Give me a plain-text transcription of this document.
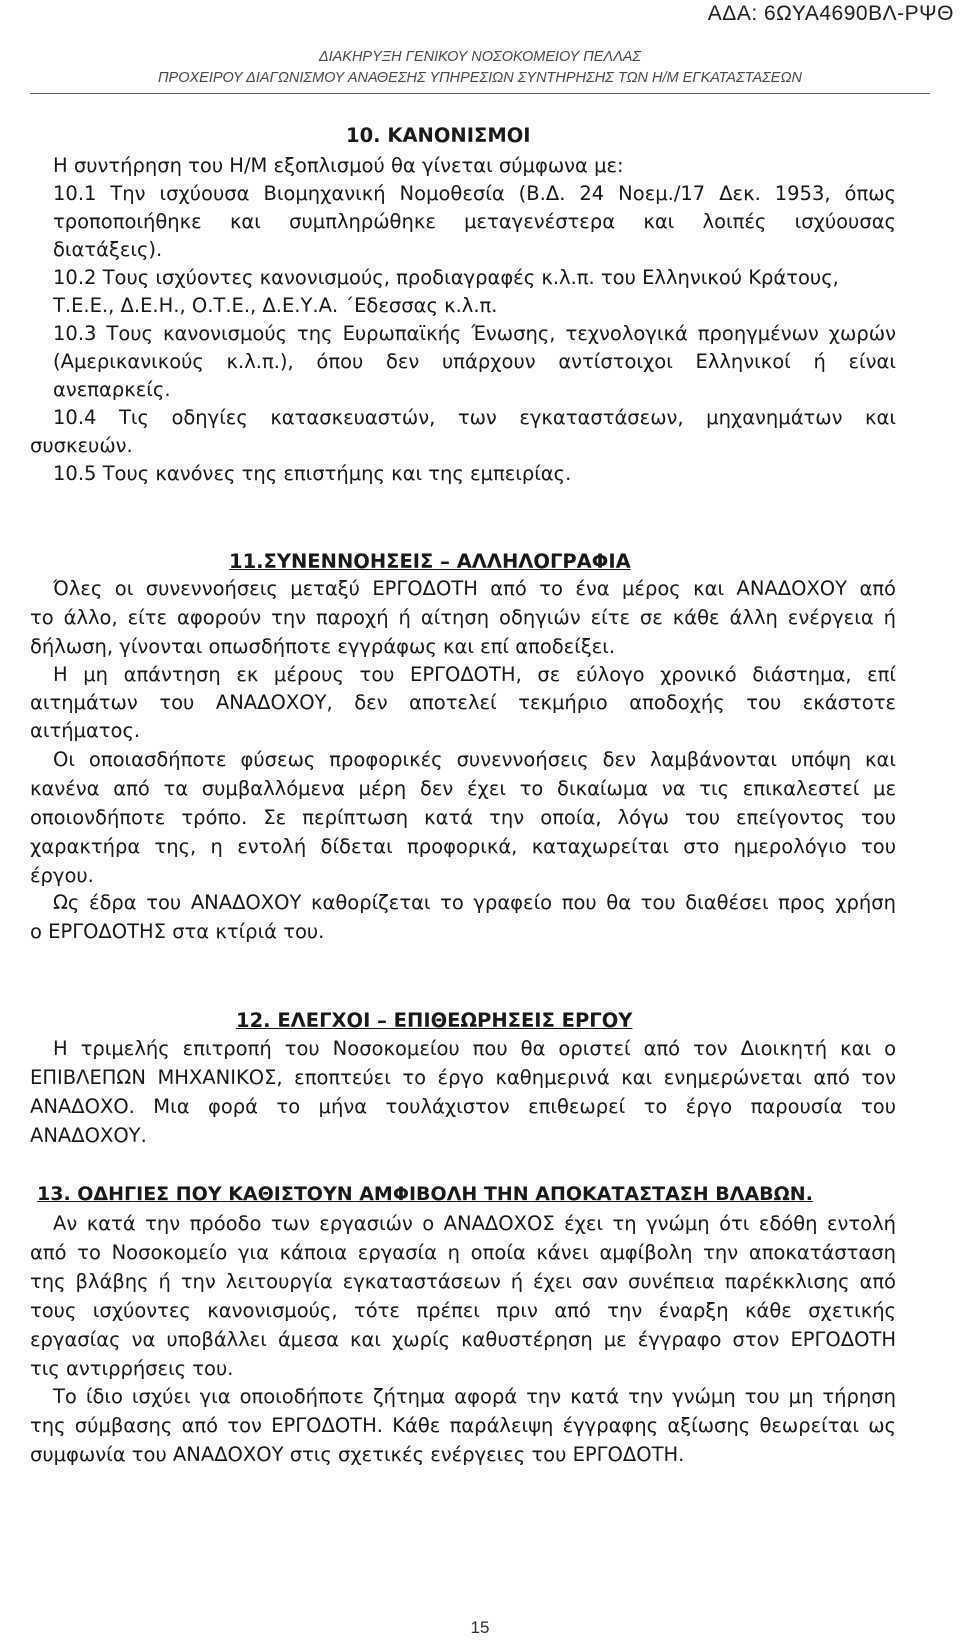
ΑΔΑ: 6ΩΥΑ4690ΒΛ-ΡΨΘ
ΔΙΑΚΗΡΥΞΗ ΓΕΝΙΚΟΥ ΝΟΣΟΚΟΜΕΙΟΥ ΠΕΛΛΑΣ
ΠΡΟΧΕΙΡΟΥ ΔΙΑΓΩΝΙΣΜΟΥ ΑΝΑΘΕΣΗΣ ΥΠΗΡΕΣΙΩΝ ΣΥΝΤΗΡΗΣΗΣ ΤΩΝ Η/Μ ΕΓΚΑΤΑΣΤΑΣΕΩΝ
10. ΚΑΝΟΝΙΣΜΟΙ
Η συντήρηση του Η/Μ εξοπλισμού θα γίνεται σύμφωνα με:
10.1 Την ισχύουσα Βιομηχανική Νομοθεσία (Β.Δ. 24 Νοεμ./17 Δεκ. 1953, όπως
τροποποιήθηκε και συμπληρώθηκε μεταγενέστερα και λοιπές ισχύουσας
διατάξεις).
10.2 Τους ισχύοντες κανονισμούς, προδιαγραφές κ.λ.π. του Ελληνικού Κράτους,
Τ.Ε.Ε., Δ.Ε.Η., Ο.Τ.Ε., Δ.Ε.Υ.Α. ΄Εδεσσας κ.λ.π.
10.3 Τους κανονισμούς της Ευρωπαϊκής Ένωσης, τεχνολογικά προηγμένων χωρών
(Αμερικανικούς κ.λ.π.), όπου δεν υπάρχουν αντίστοιχοι Ελληνικοί ή είναι
ανεπαρκείς.
10.4 Τις οδηγίες κατασκευαστών, των εγκαταστάσεων, μηχανημάτων και
συσκευών.
10.5 Τους κανόνες της επιστήμης και της εμπειρίας.
11.ΣΥΝΕΝΝΟΗΣΕΙΣ – ΑΛΛΗΛΟΓΡΑΦΙΑ
Όλες οι συνεννοήσεις μεταξύ ΕΡΓΟΔΟΤΗ από το ένα μέρος και ΑΝΑΔΟΧΟΥ από
το άλλο, είτε αφορούν την παροχή ή αίτηση οδηγιών είτε σε κάθε άλλη ενέργεια ή
δήλωση, γίνονται οπωσδήποτε εγγράφως και επί αποδείξει.
Η μη απάντηση εκ μέρους του ΕΡΓΟΔΟΤΗ, σε εύλογο χρονικό διάστημα, επί
αιτημάτων του ΑΝΑΔΟΧΟΥ, δεν αποτελεί τεκμήριο αποδοχής του εκάστοτε
αιτήματος.
Οι οποιασδήποτε φύσεως προφορικές συνεννοήσεις δεν λαμβάνονται υπόψη και
κανένα από τα συμβαλλόμενα μέρη δεν έχει το δικαίωμα να τις επικαλεστεί με
οποιονδήποτε τρόπο. Σε περίπτωση κατά την οποία, λόγω του επείγοντος του
χαρακτήρα της, η εντολή δίδεται προφορικά, καταχωρείται στο ημερολόγιο του
έργου.
Ως έδρα του ΑΝΑΔΟΧΟΥ καθορίζεται το γραφείο που θα του διαθέσει προς χρήση
ο ΕΡΓΟΔΟΤΗΣ στα κτίριά του.
12. ΕΛΕΓΧΟΙ – ΕΠΙΘΕΩΡΗΣΕΙΣ ΕΡΓΟΥ
Η τριμελής επιτροπή του Νοσοκομείου που θα οριστεί από τον Διοικητή και ο
ΕΠΙΒΛΕΠΩΝ ΜΗΧΑΝΙΚΟΣ, εποπτεύει το έργο καθημερινά και ενημερώνεται από τον
ΑΝΑΔΟΧΟ. Μια φορά το μήνα τουλάχιστον επιθεωρεί το έργο παρουσία του
ΑΝΑΔΟΧΟΥ.
13. ΟΔΗΓΙΕΣ ΠΟΥ ΚΑΘΙΣΤΟΥΝ ΑΜΦΙΒΟΛΗ ΤΗΝ ΑΠΟΚΑΤΑΣΤΑΣΗ ΒΛΑΒΩΝ.
Αν κατά την πρόοδο των εργασιών ο ΑΝΑΔΟΧΟΣ έχει τη γνώμη ότι εδόθη εντολή
από το Νοσοκομείο για κάποια εργασία η οποία κάνει αμφίβολη την αποκατάσταση
της βλάβης ή την λειτουργία εγκαταστάσεων ή έχει σαν συνέπεια παρέκκλισης από
τους ισχύοντες κανονισμούς, τότε πρέπει πριν από την έναρξη κάθε σχετικής
εργασίας να υποβάλλει άμεσα και χωρίς καθυστέρηση με έγγραφο στον ΕΡΓΟΔΟΤΗ
τις αντιρρήσεις του.
Το ίδιο ισχύει για οποιοδήποτε ζήτημα αφορά την κατά την γνώμη του μη τήρηση
της σύμβασης από τον ΕΡΓΟΔΟΤΗ. Κάθε παράλειψη έγγραφης αξίωσης θεωρείται ως
συμφωνία του ΑΝΑΔΟΧΟΥ στις σχετικές ενέργειες του ΕΡΓΟΔΟΤΗ.
15
